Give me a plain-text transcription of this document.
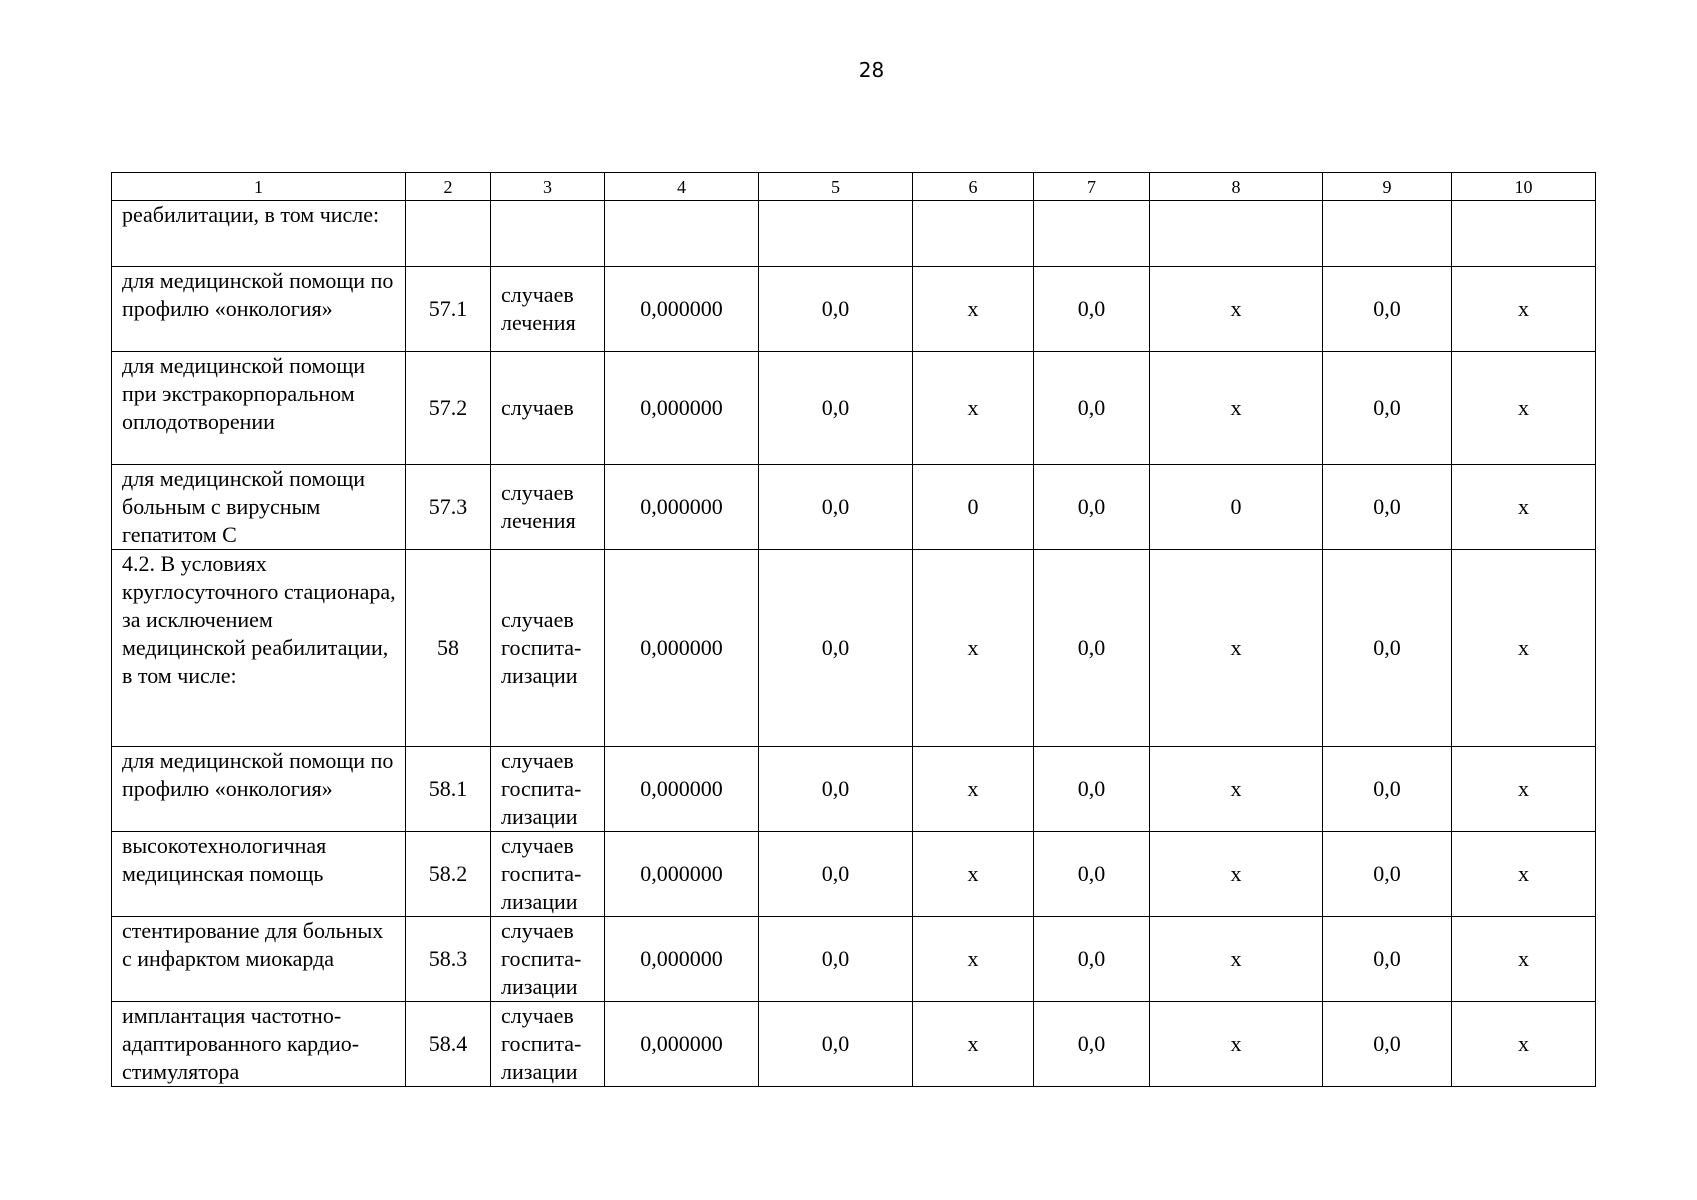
28
1	2	3	4	5	6	7	8	9	10
реабилитации, в том числе:									
для медицинской помощи по профилю «онкология»	57.1	случаев лечения	0,000000	0,0	х	0,0	х	0,0	х
для медицинской помощи при экстракорпоральном оплодотворении	57.2	случаев	0,000000	0,0	х	0,0	х	0,0	х
для медицинской помощи больным с вирусным гепатитом С	57.3	случаев лечения	0,000000	0,0	0	0,0	0	0,0	х
4.2. В условиях круглосуточного стационара, за исключением медицинской реабилитации, в том числе:	58	случаев госпита-лизации	0,000000	0,0	х	0,0	х	0,0	х
для медицинской помощи по профилю «онкология»	58.1	случаев госпита-лизации	0,000000	0,0	х	0,0	х	0,0	х
высокотехнологичная медицинская помощь	58.2	случаев госпита-лизации	0,000000	0,0	х	0,0	х	0,0	х
стентирование для больных с инфарктом миокарда	58.3	случаев госпита-лизации	0,000000	0,0	х	0,0	х	0,0	х
имплантация частотно-адаптированного кардио-стимулятора	58.4	случаев госпита-лизации	0,000000	0,0	х	0,0	х	0,0	х
